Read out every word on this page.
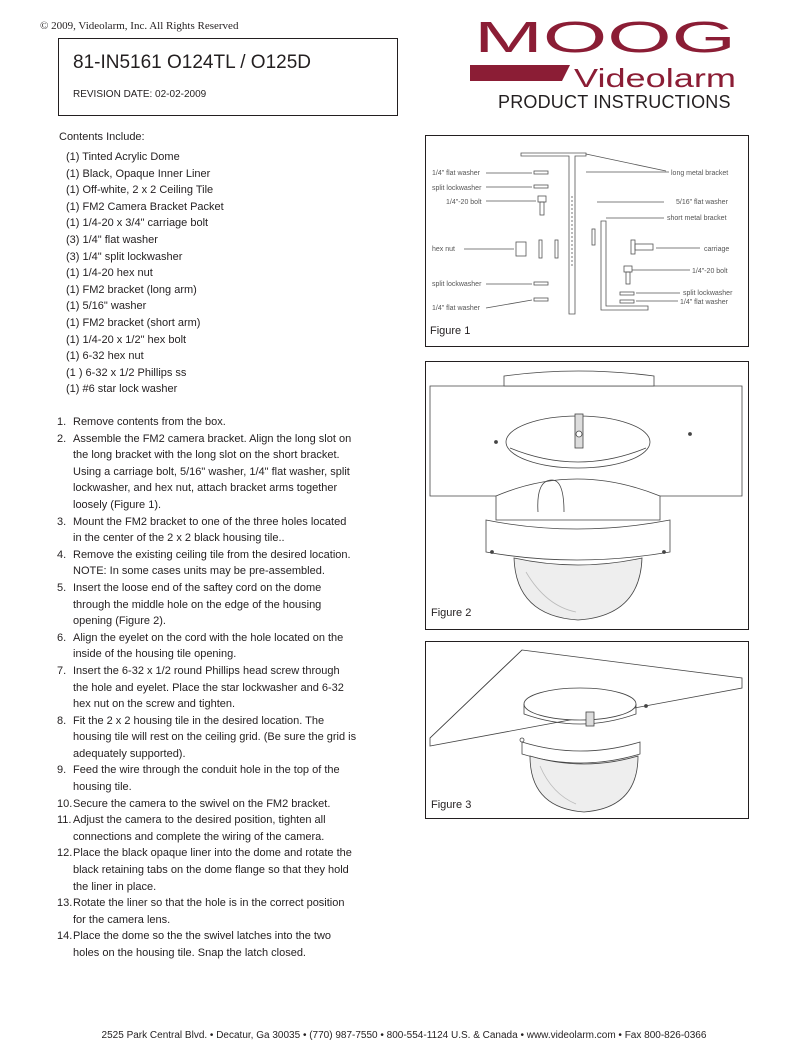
© 2009, Videolarm, Inc. All Rights Reserved
81-IN5161 O124TL / O125D
REVISION DATE: 02-02-2009
MOOG
Videolarm
PRODUCT INSTRUCTIONS
Contents Include:
(1) Tinted Acrylic Dome
(1) Black, Opaque Inner Liner
(1) Off-white, 2 x 2 Ceiling Tile
(1) FM2 Camera Bracket Packet
(1) 1/4-20 x 3/4" carriage bolt
(3) 1/4" flat washer
(3) 1/4" split lockwasher
(1) 1/4-20 hex nut
(1) FM2 bracket (long arm)
(1) 5/16" washer
(1) FM2 bracket (short arm)
(1) 1/4-20 x 1/2" hex bolt
(1) 6-32 hex nut
(1 ) 6-32 x 1/2 Phillips ss
(1) #6 star lock washer
1. Remove contents from the box.
2. Assemble the FM2 camera bracket. Align the long slot on the long bracket with the long slot on the short bracket. Using a carriage bolt, 5/16" washer, 1/4" flat washer, split lockwasher, and hex nut, attach bracket arms together loosely (Figure 1).
3. Mount the FM2 bracket to one of the three holes located in the center of the 2 x 2 black housing tile..
4. Remove the existing ceiling tile from the desired location. NOTE: In some cases units may be pre-assembled.
5. Insert the loose end of the saftey cord on the dome through the middle hole on the edge of the housing opening (Figure 2).
6. Align the eyelet on the cord with the hole located on the inside of the housing tile opening.
7. Insert the 6-32 x 1/2 round Phillips head screw through the hole and eyelet. Place the star lockwasher and 6-32 hex nut on the screw and tighten.
8. Fit the 2 x 2 housing tile in the desired location. The housing tile will rest on the ceiling grid. (Be sure the grid is adequately supported).
9. Feed the wire through the conduit hole in the top of the housing tile.
10. Secure the camera to the swivel on the FM2 bracket.
11. Adjust the camera to the desired position, tighten all connections and complete the wiring of the camera.
12. Place the black opaque liner into the dome and rotate the black retaining tabs on the dome flange so that they hold the liner in place.
13. Rotate the liner so that the hole is in the correct position for the camera lens.
14. Place the dome so the the swivel latches into the two holes on the housing tile. Snap the latch closed.
1/4" flat washer
split lockwasher
1/4"-20 bolt
hex nut
split lockwasher
1/4" flat washer
long metal bracket
5/16" flat washer
short metal bracket
carriage
1/4"-20 bolt
split lockwasher
1/4" flat washer
Figure 1
Figure 2
Figure 3
2525 Park Central Blvd. • Decatur, Ga 30035 • (770) 987-7550 • 800-554-1124 U.S. & Canada • www.videolarm.com • Fax 800-826-0366
